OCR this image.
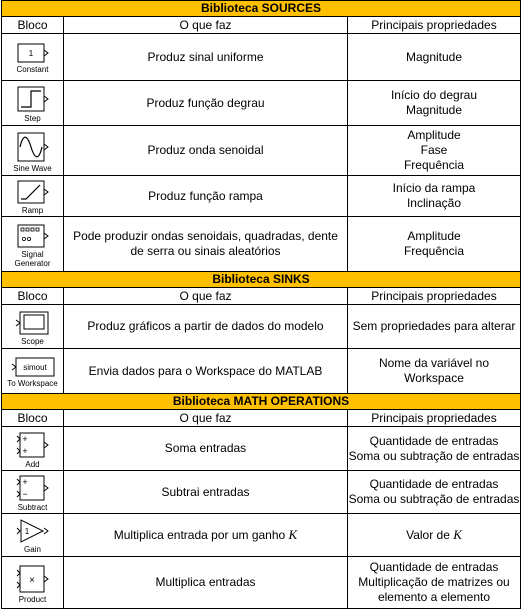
Biblioteca SOURCES		
Bloco	O que faz	Principais propriedades

1
Constant	Produz sinal uniforme	Magnitude

Step	Produz função degrau	Início do degrau
Magnitude

Sine Wave	Produz onda senoidal	Amplitude
Fase
Frequência

Ramp	Produz função rampa	Início da rampa
Inclinação

Signal
Generator	Pode produzir ondas senoidais, quadradas, dente de serra ou sinais aleatórios	Amplitude
Frequência

Biblioteca SINKS		
Bloco	O que faz	Principais propriedades

Scope	Produz gráficos a partir de dados do modelo	Sem propriedades para alterar

simout
To Workspace	Envia dados para o Workspace do MATLAB	Nome da variável no Workspace

Biblioteca MATH OPERATIONS		
Bloco	O que faz	Principais propriedades

+
+
Add	Soma entradas	Quantidade de entradas
Soma ou subtração de entradas

+
−
Subtract	Subtrai entradas	Quantidade de entradas
Soma ou subtração de entradas

1
Gain	Multiplica entrada por um ganho K	Valor de K

×
Product	Multiplica entradas	Quantidade de entradas
Multiplicação de matrizes ou elemento a elemento
